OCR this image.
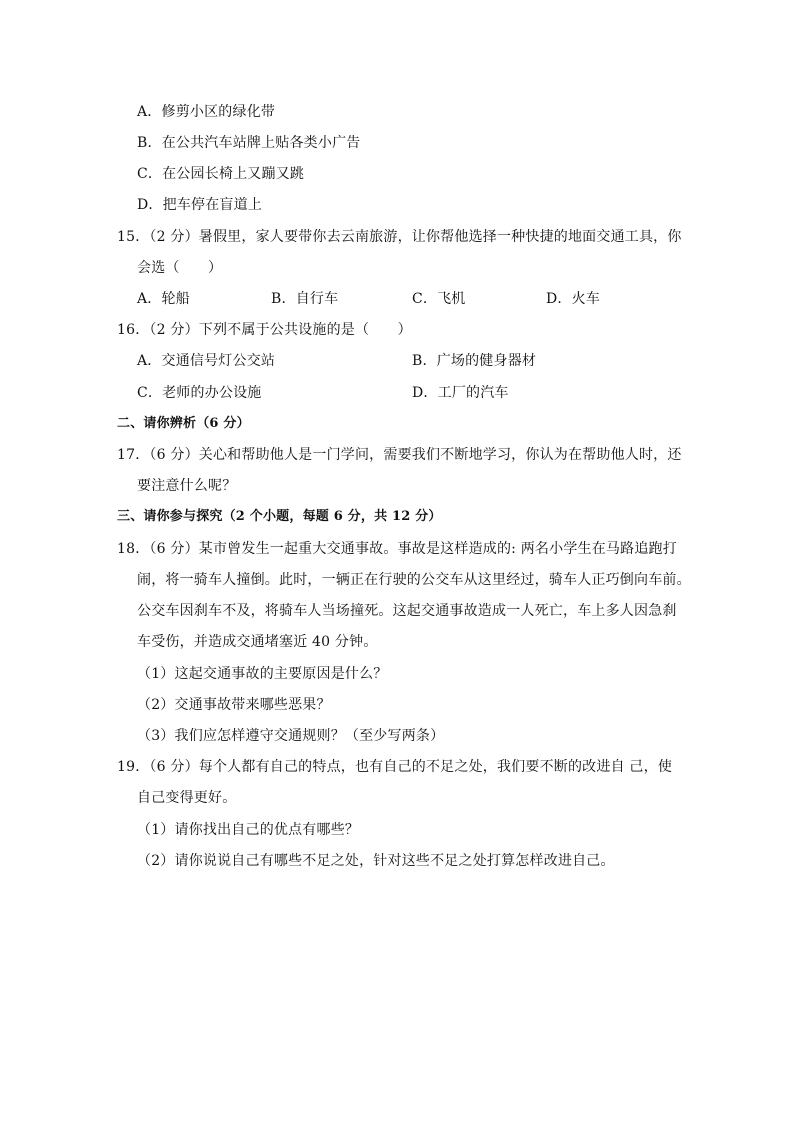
A．修剪小区的绿化带
B．在公共汽车站牌上贴各类小广告
C．在公园长椅上又蹦又跳
D．把车停在盲道上
15．（2 分）暑假里，家人要带你去云南旅游，让你帮他选择一种快捷的地面交通工具，你
会选（　　）
A．轮船	B．自行车	C．飞机	D．火车
16．（2 分）下列不属于公共设施的是（　　）
A．交通信号灯公交站	B．广场的健身器材
C．老师的办公设施	D．工厂的汽车
二、请你辨析（6 分）
17．（6 分）关心和帮助他人是一门学问，需要我们不断地学习，你认为在帮助他人时，还
要注意什么呢？
三、请你参与探究（2 个小题，每题 6 分，共 12 分）
18．（6 分）某市曾发生一起重大交通事故。事故是这样造成的: 两名小学生在马路追跑打
闹，将一骑车人撞倒。此时，一辆正在行驶的公交车从这里经过，骑车人正巧倒向车前。
公交车因刹车不及，将骑车人当场撞死。这起交通事故造成一人死亡，车上多人因急刹
车受伤，并造成交通堵塞近 40 分钟。
（1）这起交通事故的主要原因是什么？
（2）交通事故带来哪些恶果？
（3）我们应怎样遵守交通规则？（至少写两条）
19．（6 分）每个人都有自己的特点，也有自己的不足之处，我们要不断的改进自 己，使
自己变得更好。
（1）请你找出自己的优点有哪些？
（2）请你说说自己有哪些不足之处，针对这些不足之处打算怎样改进自己。
